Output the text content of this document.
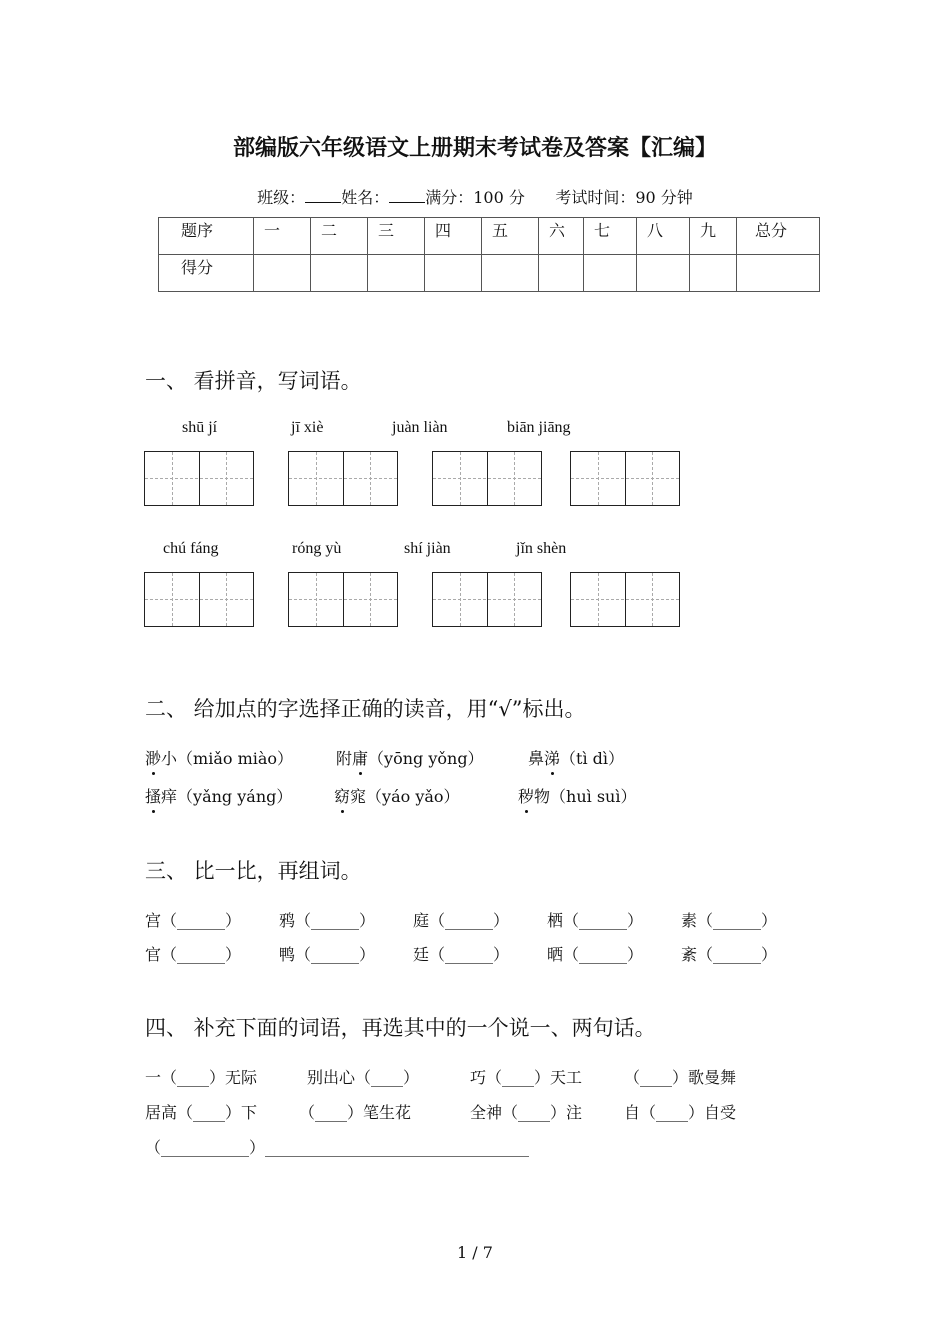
部编版六年级语文上册期末考试卷及答案【汇编】
班级： 姓名： 满分：100 分 考试时间：90 分钟
题序	一	二	三	四	五	六	七	八	九	总分
得分										
一、 看拼音，写词语。
shū jí	jī xiè	juàn liàn	biān jiāng
chú fáng	róng yù	shí jiàn	jǐn shèn
二、 给加点的字选择正确的读音，用“√”标出。
渺小（miǎo miào）	附庸（yōng yǒng）	鼻涕（tì dì）
搔痒（yǎng yáng）	窈窕（yáo yǎo）	秽物（huì suì）
三、 比一比，再组词。
宫（______） 鸦（______） 庭（______） 栖（______） 素（______）
官（______） 鸭（______） 廷（______） 晒（______） 紊（______）
四、 补充下面的词语，再选其中的一个说一、两句话。
一（____）无际	别出心（____）	巧（____）天工	（____）歌曼舞
居高（____）下	（____）笔生花	全神（____）注	自（____）自受
（___________）_________________________________
1 / 7
